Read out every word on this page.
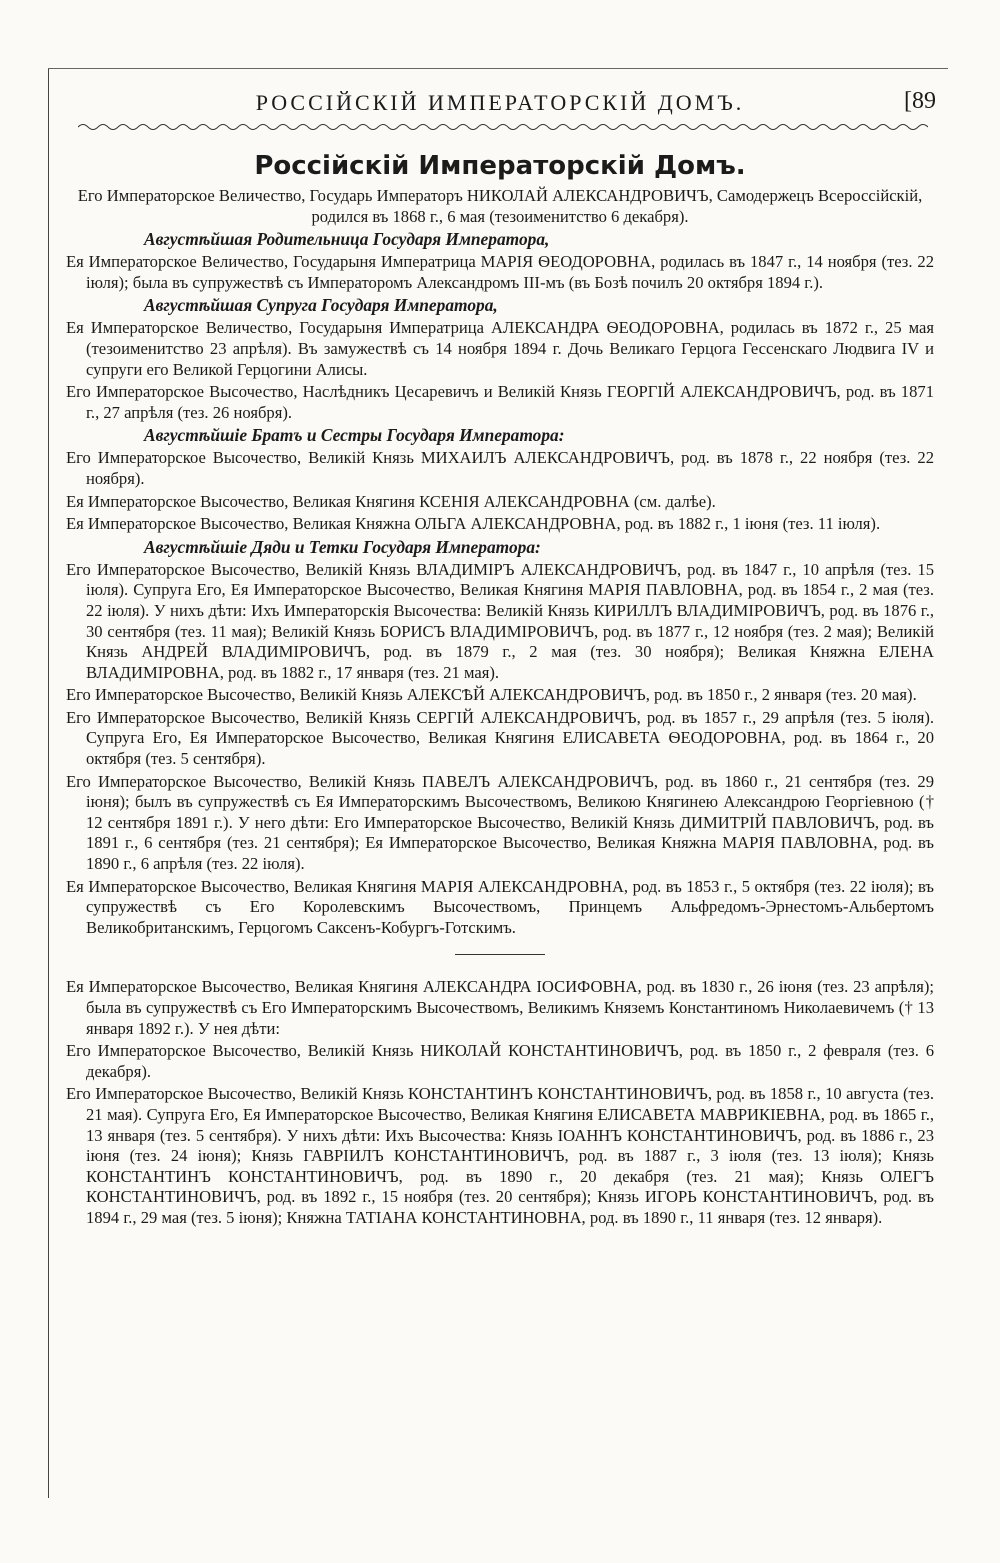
РОССІЙСКІЙ ИМПЕРАТОРСКІЙ ДОМЪ.	[89
Россійскій Императорскій Домъ.

Его Императорское Величество, Государь Императоръ НИКОЛАЙ АЛЕКСАНДРОВИЧЪ, Самодержецъ Всероссійскій, родился въ 1868 г., 6 мая (тезоименитство 6 декабря).

Августѣйшая Родительница Государя Императора,

Ея Императорское Величество, Государыня Императрица МАРІЯ ѲЕОДОРОВНА, родилась въ 1847 г., 14 ноября (тез. 22 іюля); была въ супружествѣ съ Императоромъ Александромъ III-мъ (въ Бозѣ почилъ 20 октября 1894 г.).

Августѣйшая Супруга Государя Императора,

Ея Императорское Величество, Государыня Императрица АЛЕКСАНДРА ѲЕОДОРОВНА, родилась въ 1872 г., 25 мая (тезоименитство 23 апрѣля). Въ замужествѣ съ 14 ноября 1894 г. Дочь Великаго Герцога Гессенскаго Людвига IV и супруги его Великой Герцогини Алисы.

Его Императорское Высочество, Наслѣдникъ Цесаревичъ и Великій Князь ГЕОРГІЙ АЛЕКСАНДРОВИЧЪ, род. въ 1871 г., 27 апрѣля (тез. 26 ноября).

Августѣйшіе Братъ и Сестры Государя Императора:

Его Императорское Высочество, Великій Князь МИХАИЛЪ АЛЕКСАНДРОВИЧЪ, род. въ 1878 г., 22 ноября (тез. 22 ноября).

Ея Императорское Высочество, Великая Княгиня КСЕНІЯ АЛЕКСАНДРОВНА (см. далѣе).

Ея Императорское Высочество, Великая Княжна ОЛЬГА АЛЕКСАНДРОВНА, род. въ 1882 г., 1 іюня (тез. 11 іюля).

Августѣйшіе Дяди и Тетки Государя Императора:

Его Императорское Высочество, Великій Князь ВЛАДИМІРЪ АЛЕКСАНДРОВИЧЪ, род. въ 1847 г., 10 апрѣля (тез. 15 іюля). Супруга Его, Ея Императорское Высочество, Великая Княгиня МАРІЯ ПАВЛОВНА, род. въ 1854 г., 2 мая (тез. 22 іюля). У нихъ дѣти: Ихъ Императорскія Высочества: Великій Князь КИРИЛЛЪ ВЛАДИМІРОВИЧЪ, род. въ 1876 г., 30 сентября (тез. 11 мая); Великій Князь БОРИСЪ ВЛАДИМІРОВИЧЪ, род. въ 1877 г., 12 ноября (тез. 2 мая); Великій Князь АНДРЕЙ ВЛАДИМІРОВИЧЪ, род. въ 1879 г., 2 мая (тез. 30 ноября); Великая Княжна ЕЛЕНА ВЛАДИМІРОВНА, род. въ 1882 г., 17 января (тез. 21 мая).

Его Императорское Высочество, Великій Князь АЛЕКСѢЙ АЛЕКСАНДРОВИЧЪ, род. въ 1850 г., 2 января (тез. 20 мая).

Его Императорское Высочество, Великій Князь СЕРГІЙ АЛЕКСАНДРОВИЧЪ, род. въ 1857 г., 29 апрѣля (тез. 5 іюля). Супруга Его, Ея Императорское Высочество, Великая Княгиня ЕЛИСАВЕТА ѲЕОДОРОВНА, род. въ 1864 г., 20 октября (тез. 5 сентября).

Его Императорское Высочество, Великій Князь ПАВЕЛЪ АЛЕКСАНДРОВИЧЪ, род. въ 1860 г., 21 сентября (тез. 29 іюня); былъ въ супружествѣ съ Ея Императорскимъ Высочествомъ, Великою Княгинею Александрою Георгіевною († 12 сентября 1891 г.). У него дѣти: Его Императорское Высочество, Великій Князь ДИМИТРІЙ ПАВЛОВИЧЪ, род. въ 1891 г., 6 сентября (тез. 21 сентября); Ея Императорское Высочество, Великая Княжна МАРІЯ ПАВЛОВНА, род. въ 1890 г., 6 апрѣля (тез. 22 іюля).

Ея Императорское Высочество, Великая Княгиня МАРІЯ АЛЕКСАНДРОВНА, род. въ 1853 г., 5 октября (тез. 22 іюля); въ супружествѣ съ Его Королевскимъ Высочествомъ, Принцемъ Альфредомъ-Эрнестомъ-Альбертомъ Великобританскимъ, Герцогомъ Саксенъ-Кобургъ-Готскимъ.

Ея Императорское Высочество, Великая Княгиня АЛЕКСАНДРА ІОСИФОВНА, род. въ 1830 г., 26 іюня (тез. 23 апрѣля); была въ супружествѣ съ Его Императорскимъ Высочествомъ, Великимъ Княземъ Константиномъ Николаевичемъ († 13 января 1892 г.). У нея дѣти:

Его Императорское Высочество, Великій Князь НИКОЛАЙ КОНСТАНТИНОВИЧЪ, род. въ 1850 г., 2 февраля (тез. 6 декабря).

Его Императорское Высочество, Великій Князь КОНСТАНТИНЪ КОНСТАНТИНОВИЧЪ, род. въ 1858 г., 10 августа (тез. 21 мая). Супруга Его, Ея Императорское Высочество, Великая Княгиня ЕЛИСАВЕТА МАВРИКІЕВНА, род. въ 1865 г., 13 января (тез. 5 сентября). У нихъ дѣти: Ихъ Высочества: Князь ІОАННЪ КОНСТАНТИНОВИЧЪ, род. въ 1886 г., 23 іюня (тез. 24 іюня); Князь ГАВРІИЛЪ КОНСТАНТИНОВИЧЪ, род. въ 1887 г., 3 іюля (тез. 13 іюля); Князь КОНСТАНТИНЪ КОНСТАНТИНОВИЧЪ, род. въ 1890 г., 20 декабря (тез. 21 мая); Князь ОЛЕГЪ КОНСТАНТИНОВИЧЪ, род. въ 1892 г., 15 ноября (тез. 20 сентября); Князь ИГОРЬ КОНСТАНТИНОВИЧЪ, род. въ 1894 г., 29 мая (тез. 5 іюня); Княжна ТАТІАНА КОНСТАНТИНОВНА, род. въ 1890 г., 11 января (тез. 12 января).
